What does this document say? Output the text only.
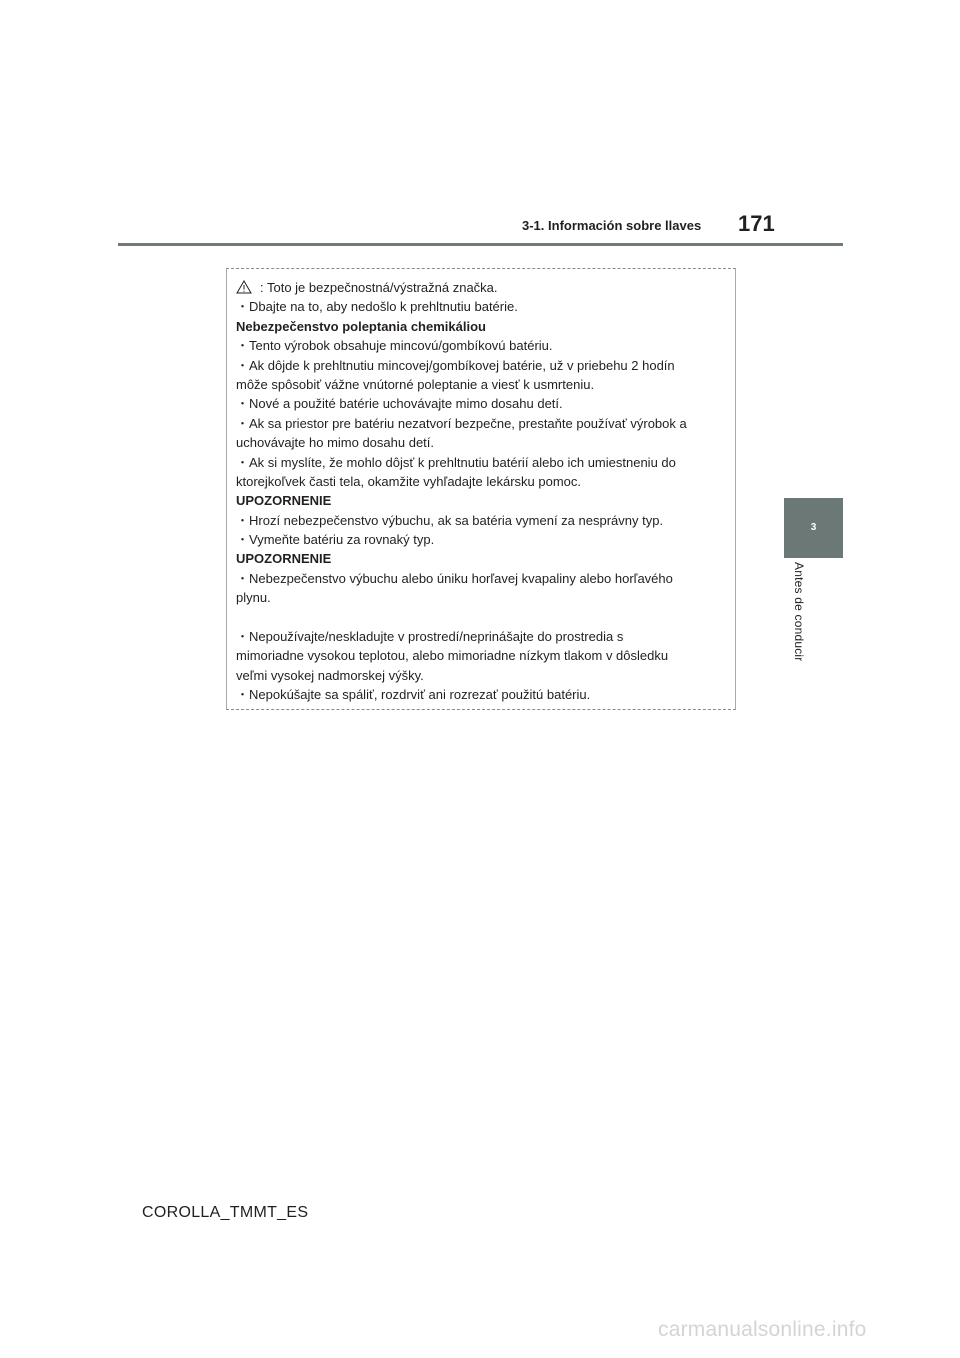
3-1. Información sobre llaves 171
3
Antes de conducir
: Toto je bezpečnostná/výstražná značka.
・Dbajte na to, aby nedošlo k prehltnutiu batérie.
Nebezpečenstvo poleptania chemikáliou
・Tento výrobok obsahuje mincovú/gombíkovú batériu.
・Ak dôjde k prehltnutiu mincovej/gombíkovej batérie, už v priebehu 2 hodín
môže spôsobiť vážne vnútorné poleptanie a viesť k usmrteniu.
・Nové a použité batérie uchovávajte mimo dosahu detí.
・Ak sa priestor pre batériu nezatvorí bezpečne, prestaňte používať výrobok a
uchovávajte ho mimo dosahu detí.
・Ak si myslíte, že mohlo dôjsť k prehltnutiu batérií alebo ich umiestneniu do
ktorejkoľvek časti tela, okamžite vyhľadajte lekársku pomoc.
UPOZORNENIE
・Hrozí nebezpečenstvo výbuchu, ak sa batéria vymení za nesprávny typ.
・Vymeňte batériu za rovnaký typ.
UPOZORNENIE
・Nebezpečenstvo výbuchu alebo úniku horľavej kvapaliny alebo horľavého
plynu.
・Nepoužívajte/neskladujte v prostredí/neprinášajte do prostredia s
mimoriadne vysokou teplotou, alebo mimoriadne nízkym tlakom v dôsledku
veľmi vysokej nadmorskej výšky.
・Nepokúšajte sa spáliť, rozdrviť ani rozrezať použitú batériu.
COROLLA_TMMT_ES
carmanualsonline.info
